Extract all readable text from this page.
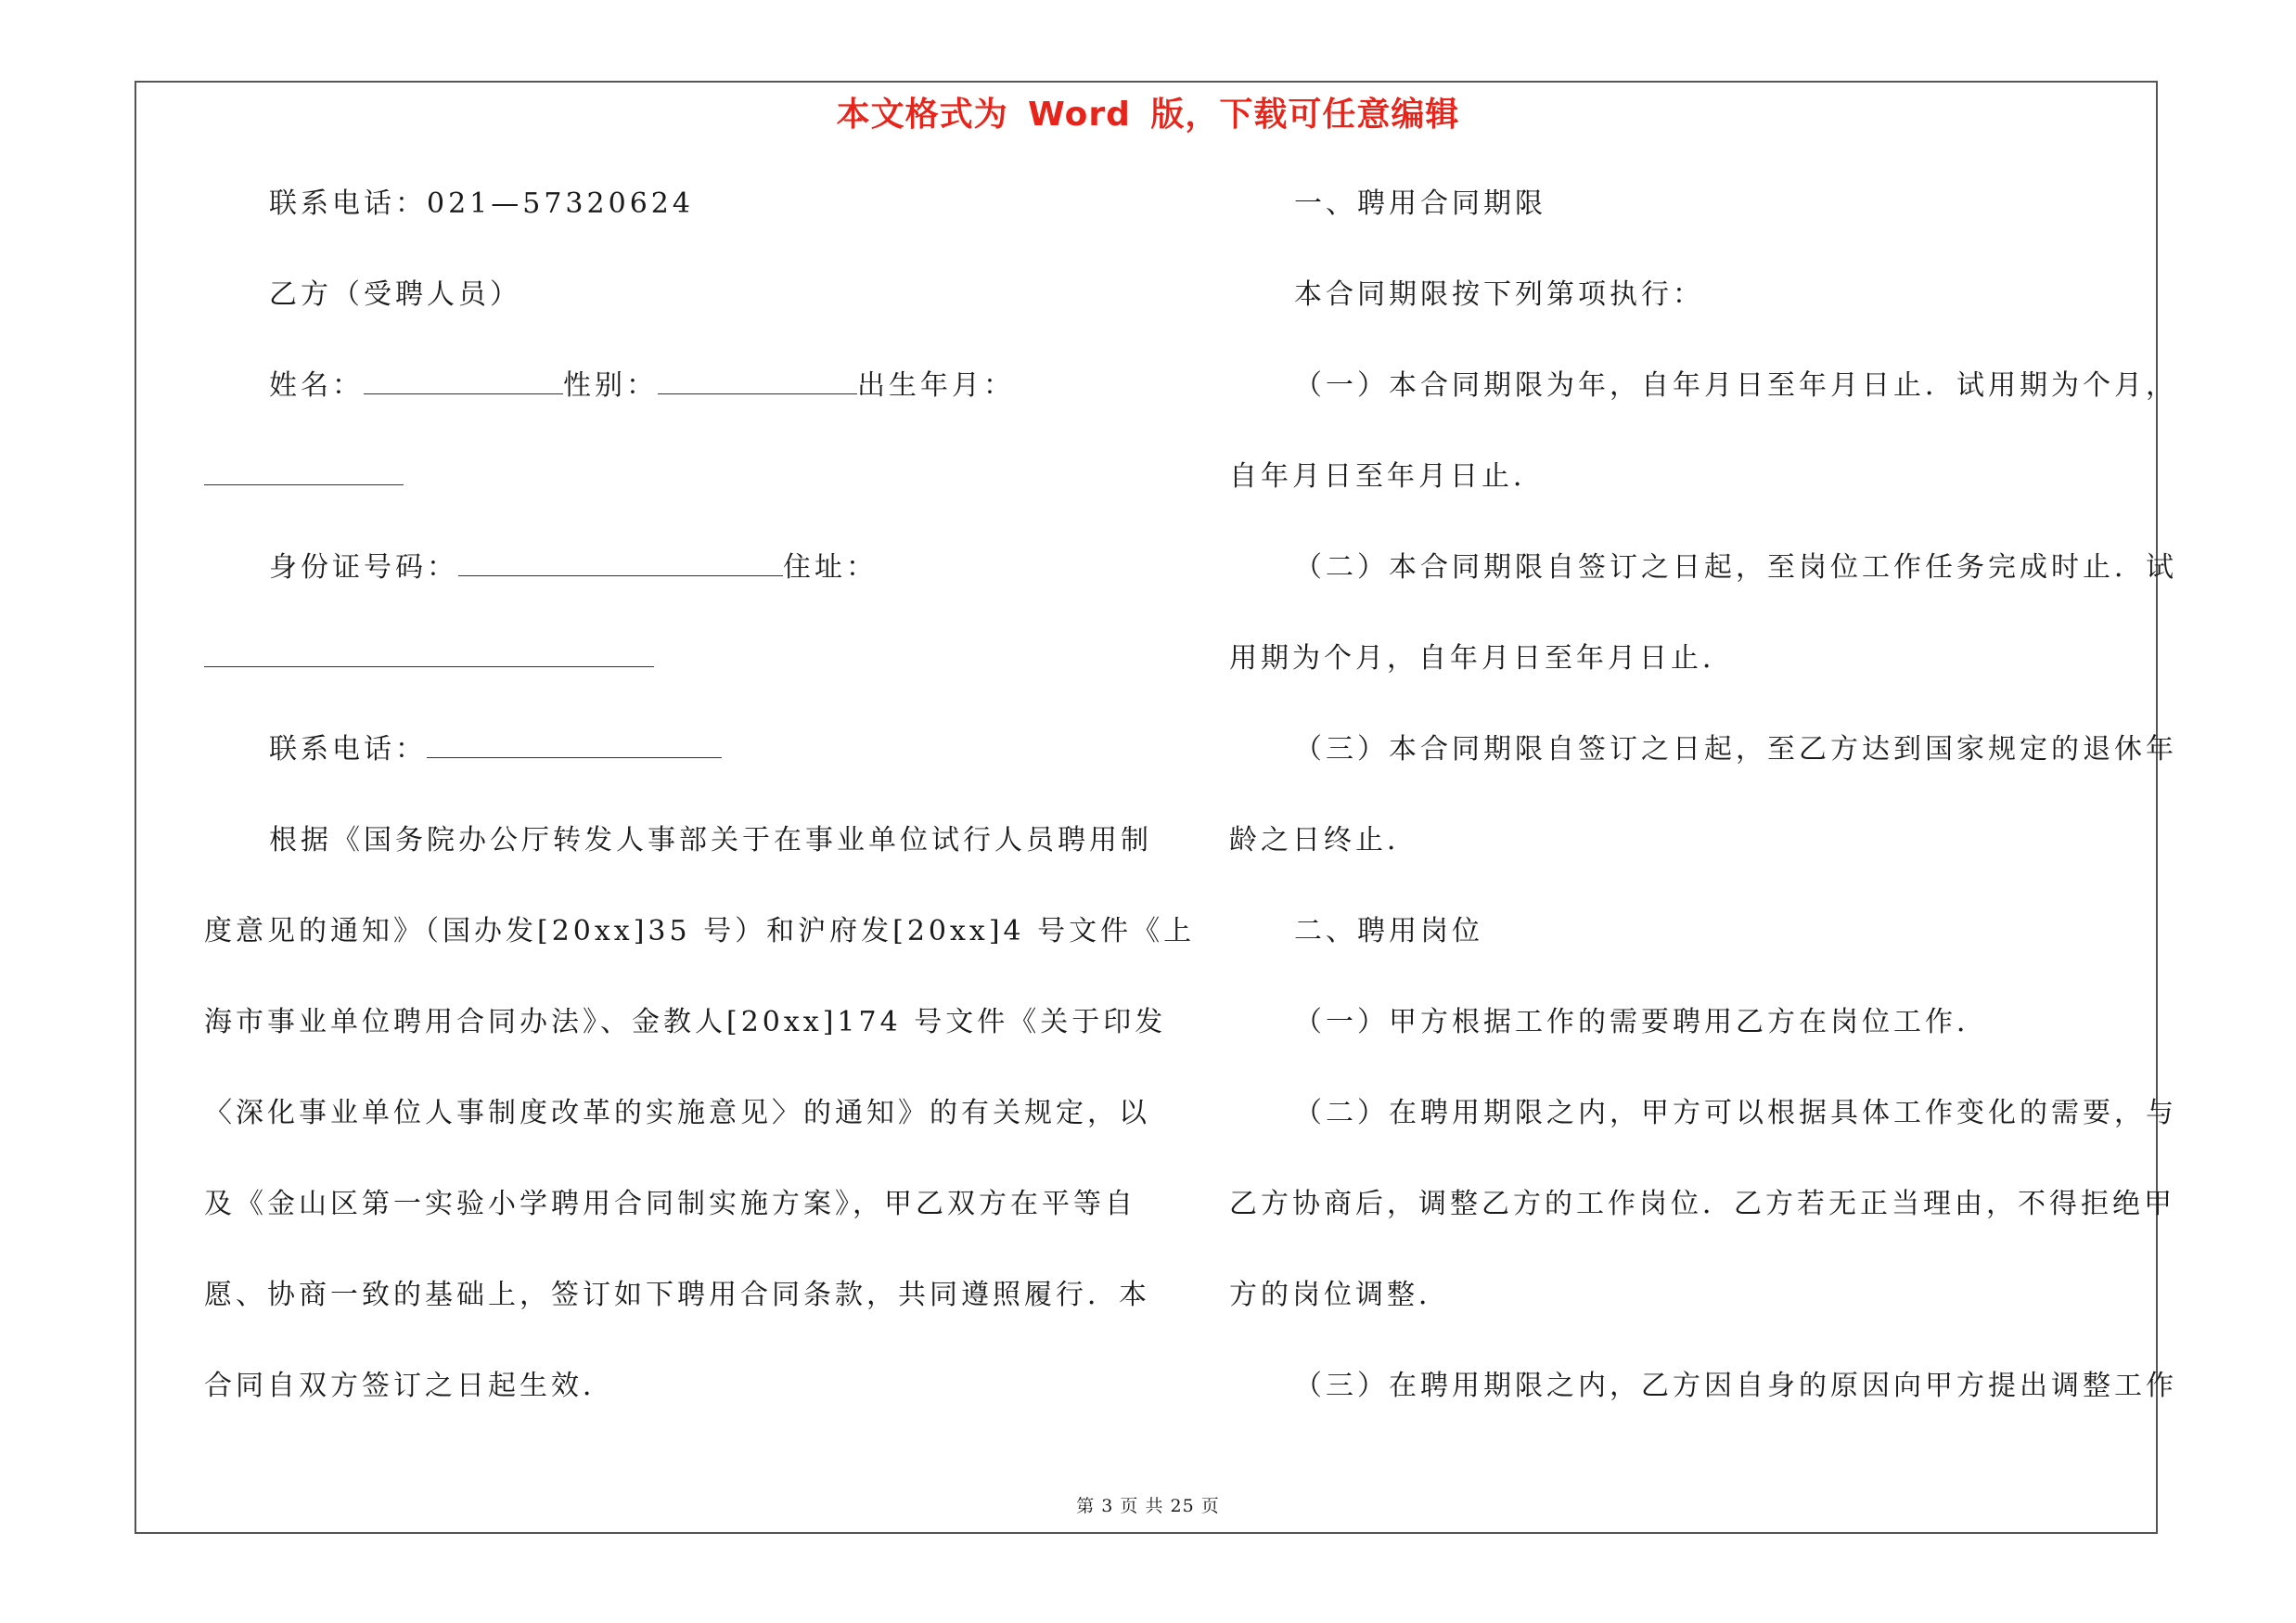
本文格式为 Word 版，下载可任意编辑
联系电话：021—57320624
乙方（受聘人员）
姓名：	性别：	出生年月：
身份证号码：	住址：
联系电话：
根据《国务院办公厅转发人事部关于在事业单位试行人员聘用制
度意见的通知》（国办发[20xx]35 号）和沪府发[20xx]4 号文件《上
海市事业单位聘用合同办法》、金教人[20xx]174 号文件《关于印发
〈深化事业单位人事制度改革的实施意见〉的通知》的有关规定，以
及《金山区第一实验小学聘用合同制实施方案》，甲乙双方在平等自
愿、协商一致的基础上，签订如下聘用合同条款，共同遵照履行．本
合同自双方签订之日起生效．
一、聘用合同期限
本合同期限按下列第项执行：
（一）本合同期限为年，自年月日至年月日止．试用期为个月，
自年月日至年月日止．
（二）本合同期限自签订之日起，至岗位工作任务完成时止．试
用期为个月，自年月日至年月日止．
（三）本合同期限自签订之日起，至乙方达到国家规定的退休年
龄之日终止．
二、聘用岗位
（一）甲方根据工作的需要聘用乙方在岗位工作．
（二）在聘用期限之内，甲方可以根据具体工作变化的需要，与
乙方协商后，调整乙方的工作岗位．乙方若无正当理由，不得拒绝甲
方的岗位调整．
（三）在聘用期限之内，乙方因自身的原因向甲方提出调整工作
第 3 页 共 25 页
